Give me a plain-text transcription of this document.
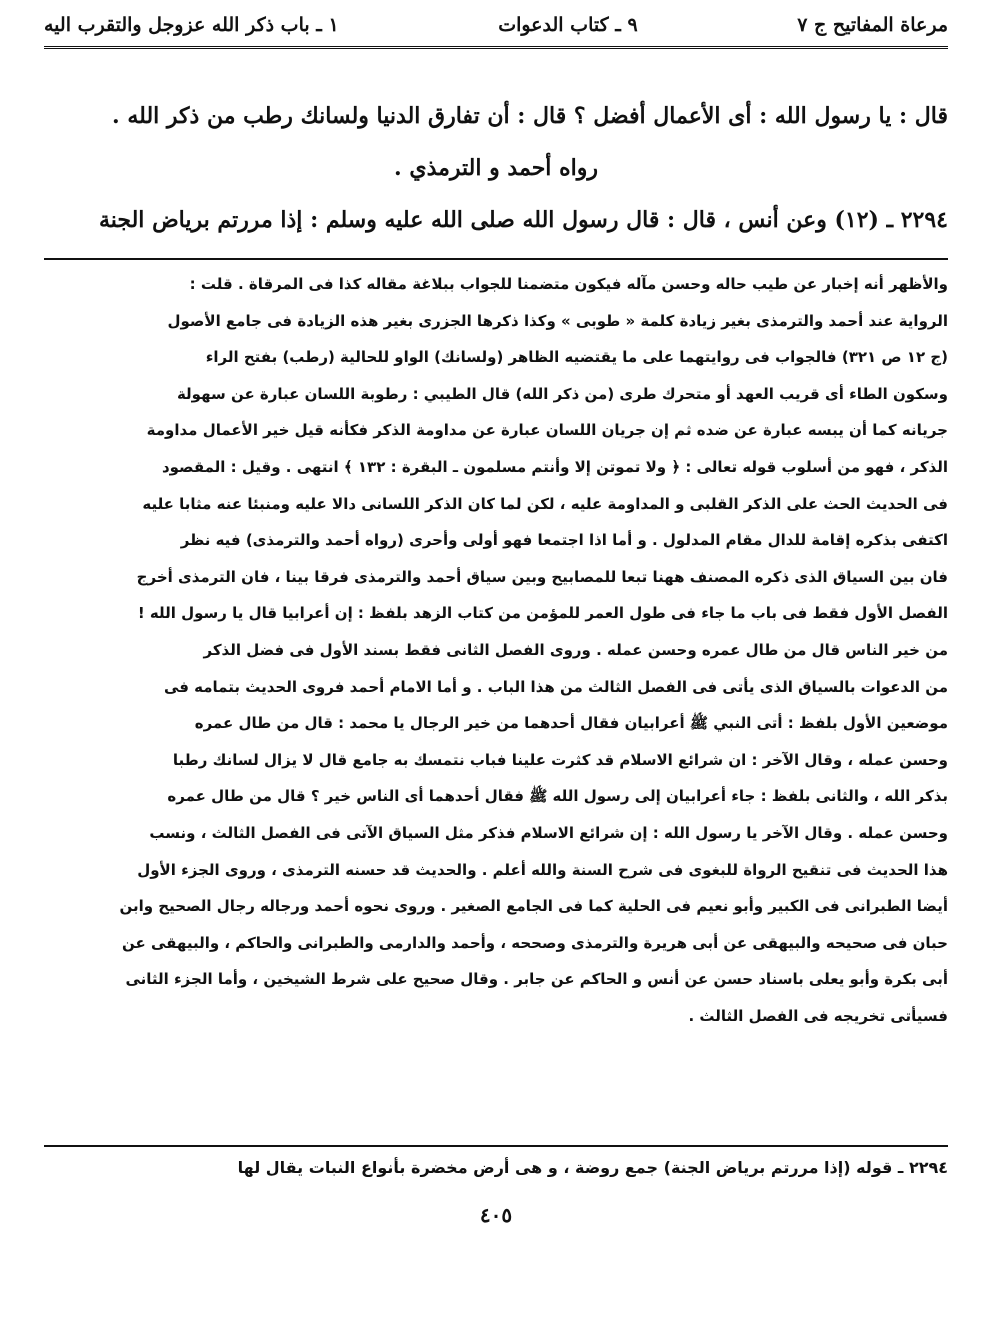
مرعاة المفاتيح ج ٧
٩ ـ كتاب الدعوات
١ ـ باب ذكر الله عزوجل والتقرب اليه

قال : يا رسول الله : أى الأعمال أفضل ؟ قال : أن تفارق الدنيا ولسانك رطب من ذكر الله .

رواه أحمد و الترمذي .

٢٢٩٤ ـ (١٢) وعن أنس ، قال : قال رسول الله صلى الله عليه وسلم : إذا مررتم برياض الجنة

والأظهر أنه إخبار عن طيب حاله وحسن مآله فيكون متضمنا للجواب ببلاغة مقاله كذا فى المرقاة . قلت :

الرواية عند أحمد والترمذى بغير زيادة كلمة « طوبى » وكذا ذكرها الجزرى بغير هذه الزيادة فى جامع الأصول

(ج ١٢ ص ٣٢١) فالجواب فى روايتهما على ما يقتضيه الظاهر (ولسانك) الواو للحالية (رطب) بفتح الراء

وسكون الطاء أى قريب العهد أو متحرك طرى (من ذكر الله) قال الطيبي : رطوبة اللسان عبارة عن سهولة

جريانه كما أن يبسه عبارة عن ضده ثم إن جريان اللسان عبارة عن مداومة الذكر فكأنه قيل خير الأعمال مداومة

الذكر ، فهو من أسلوب قوله تعالى : ﴿ ولا تموتن إلا وأنتم مسلمون ـ البقرة : ١٣٢ ﴾ انتهى . وقيل : المقصود

فى الحديث الحث على الذكر القلبى و المداومة عليه ، لكن لما كان الذكر اللسانى دالا عليه ومنبئا عنه مثابا عليه

اكتفى بذكره إقامة للدال مقام المدلول . و أما اذا اجتمعا فهو أولى وأحرى (رواه أحمد والترمذى) فيه نظر

فان بين السياق الذى ذكره المصنف ههنا تبعا للمصابيح وبين سياق أحمد والترمذى فرقا بينا ، فان الترمذى أخرج

الفصل الأول فقط فى باب ما جاء فى طول العمر للمؤمن من كتاب الزهد بلفظ : إن أعرابيا قال يا رسول الله !

من خير الناس قال من طال عمره وحسن عمله . وروى الفصل الثانى فقط بسند الأول فى فضل الذكر

من الدعوات بالسياق الذى يأتى فى الفصل الثالث من هذا الباب . و أما الامام أحمد فروى الحديث بتمامه فى

موضعين الأول بلفظ : أتى النبي ﷺ أعرابيان فقال أحدهما من خير الرجال يا محمد : قال من طال عمره

وحسن عمله ، وقال الآخر : ان شرائع الاسلام قد كثرت علينا فباب نتمسك به جامع قال لا يزال لسانك رطبا

بذكر الله ، والثانى بلفظ : جاء أعرابيان إلى رسول الله ﷺ فقال أحدهما أى الناس خير ؟ قال من طال عمره

وحسن عمله . وقال الآخر يا رسول الله : إن شرائع الاسلام فذكر مثل السياق الآتى فى الفصل الثالث ، ونسب

هذا الحديث فى تنقيح الرواة للبغوى فى شرح السنة والله أعلم . والحديث قد حسنه الترمذى ، وروى الجزء الأول

أيضا الطبرانى فى الكبير وأبو نعيم فى الحلية كما فى الجامع الصغير . وروى نحوه أحمد ورجاله رجال الصحيح وابن

حبان فى صحيحه والبيهقى عن أبى هريرة والترمذى وصححه ، وأحمد والدارمى والطبرانى والحاكم ، والبيهقى عن

أبى بكرة وأبو يعلى باسناد حسن عن أنس و الحاكم عن جابر . وقال صحيح على شرط الشيخين ، وأما الجزء الثانى

فسيأتى تخريجه فى الفصل الثالث .

٢٢٩٤ ـ قوله (إذا مررتم برياض الجنة) جمع روضة ، و هى أرض مخضرة بأنواع النبات يقال لها

٤٠٥
